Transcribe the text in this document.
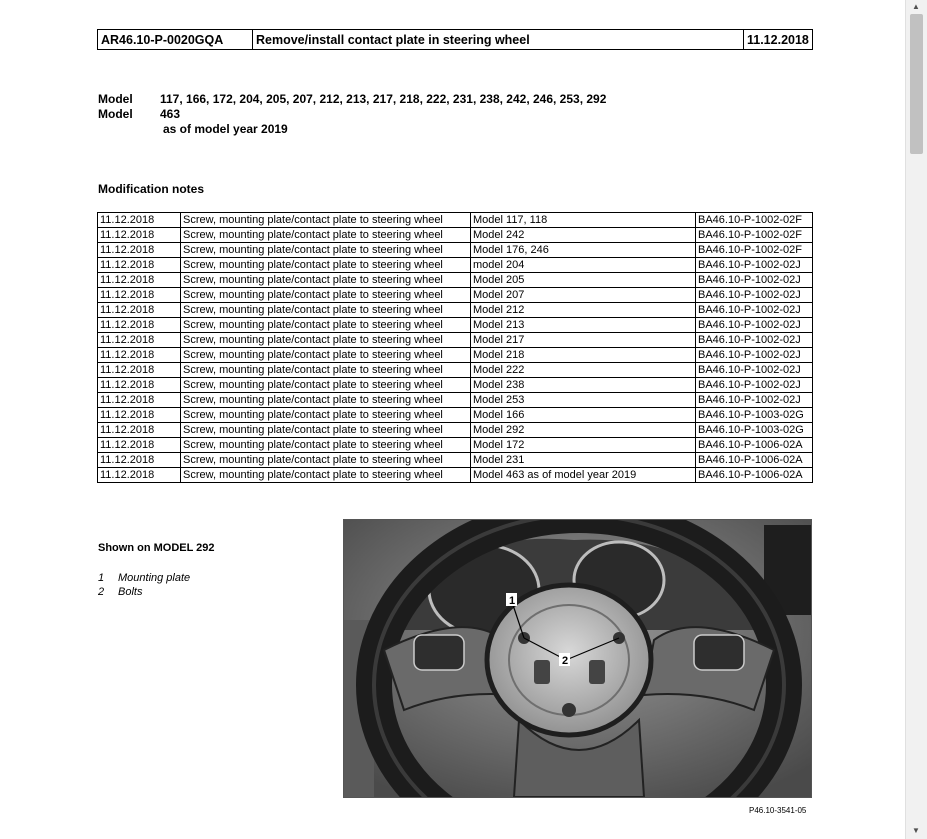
AR46.10-P-0020GQA	Remove/install contact plate in steering wheel	11.12.2018
Model	117, 166, 172, 204, 205, 207, 212, 213, 217, 218, 222, 231, 238, 242, 246, 253, 292
Model	463
as of model year 2019
Modification notes
11.12.2018	Screw, mounting plate/contact plate to steering wheel	Model 117, 118	BA46.10-P-1002-02F
11.12.2018	Screw, mounting plate/contact plate to steering wheel	Model 242	BA46.10-P-1002-02F
11.12.2018	Screw, mounting plate/contact plate to steering wheel	Model 176, 246	BA46.10-P-1002-02F
11.12.2018	Screw, mounting plate/contact plate to steering wheel	model 204	BA46.10-P-1002-02J
11.12.2018	Screw, mounting plate/contact plate to steering wheel	Model 205	BA46.10-P-1002-02J
11.12.2018	Screw, mounting plate/contact plate to steering wheel	Model 207	BA46.10-P-1002-02J
11.12.2018	Screw, mounting plate/contact plate to steering wheel	Model 212	BA46.10-P-1002-02J
11.12.2018	Screw, mounting plate/contact plate to steering wheel	Model 213	BA46.10-P-1002-02J
11.12.2018	Screw, mounting plate/contact plate to steering wheel	Model 217	BA46.10-P-1002-02J
11.12.2018	Screw, mounting plate/contact plate to steering wheel	Model 218	BA46.10-P-1002-02J
11.12.2018	Screw, mounting plate/contact plate to steering wheel	Model 222	BA46.10-P-1002-02J
11.12.2018	Screw, mounting plate/contact plate to steering wheel	Model 238	BA46.10-P-1002-02J
11.12.2018	Screw, mounting plate/contact plate to steering wheel	Model 253	BA46.10-P-1002-02J
11.12.2018	Screw, mounting plate/contact plate to steering wheel	Model 166	BA46.10-P-1003-02G
11.12.2018	Screw, mounting plate/contact plate to steering wheel	Model 292	BA46.10-P-1003-02G
11.12.2018	Screw, mounting plate/contact plate to steering wheel	Model 172	BA46.10-P-1006-02A
11.12.2018	Screw, mounting plate/contact plate to steering wheel	Model 231	BA46.10-P-1006-02A
11.12.2018	Screw, mounting plate/contact plate to steering wheel	Model 463 as of model year 2019	BA46.10-P-1006-02A
Shown on MODEL 292
1	Mounting plate
2	Bolts
1
2
P46.10-3541-05
▲
▼
